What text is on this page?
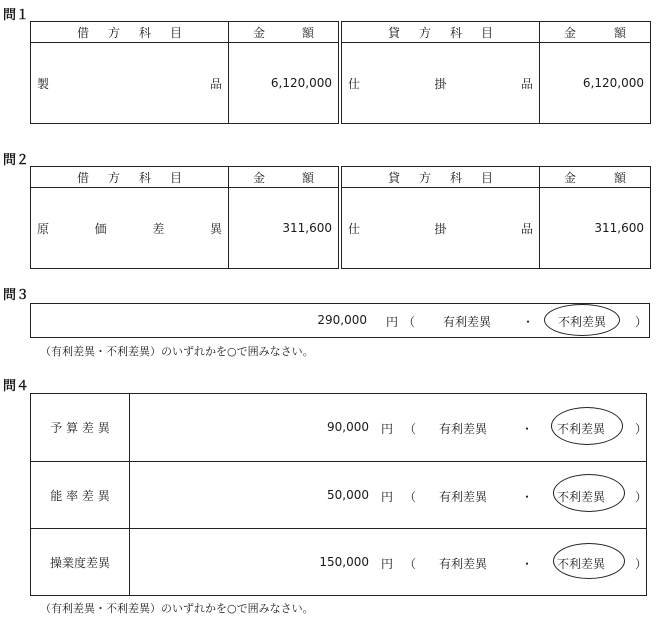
問１
借 方 科 目	金 額		貸 方 科 目	金 額

製 品	6,120,000		仕 掛 品	6,120,000
問２
借 方 科 目	金 額		貸 方 科 目	金 額

原 価 差 異	311,600		仕 掛 品	311,600
問３
290,000 円 （ 有利差異	・ 不利差異 ）
（有利差異・不利差異）のいずれかを○で囲みなさい。
問４
予 算 差 異	90,000 円 （ 有利差異	・ 不利差異 ）
能 率 差 異	50,000 円 （ 有利差異	・ 不利差異 ）
操業度差異	150,000 円 （ 有利差異	・ 不利差異 ）
（有利差異・不利差異）のいずれかを○で囲みなさい。
